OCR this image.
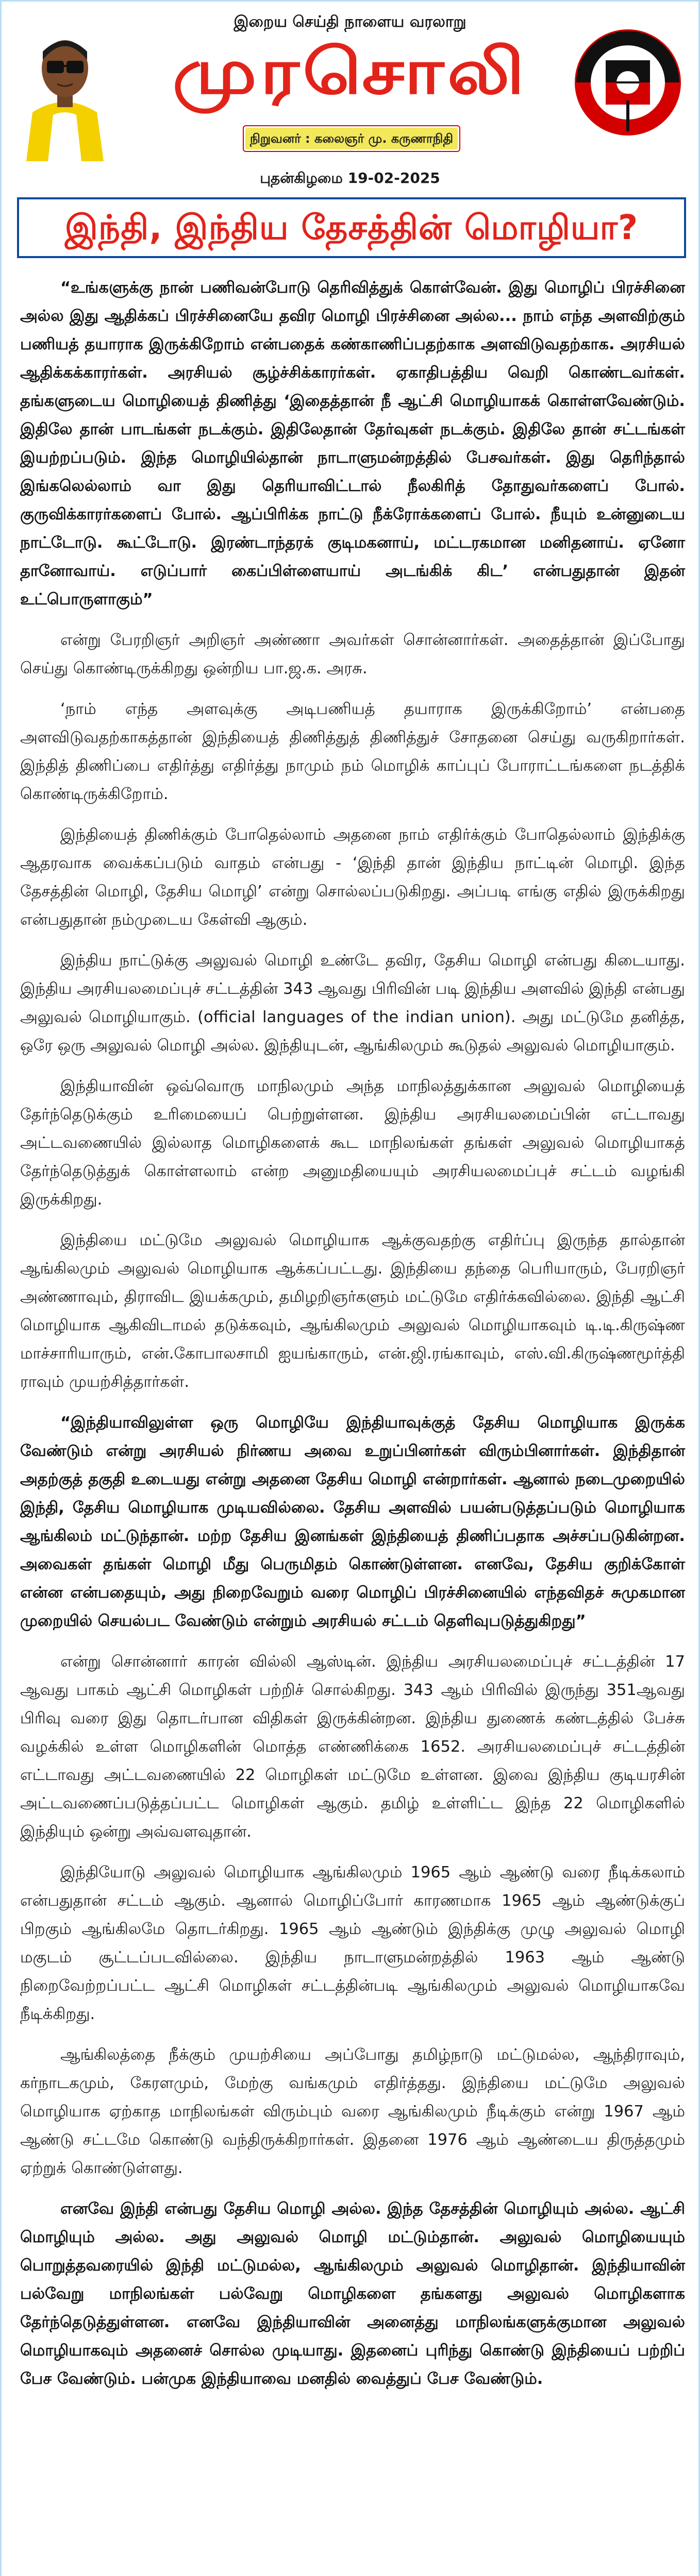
இறைய செய்தி நாளைய வரலாறு
முரசொலி
நிறுவனர் : கலைஞர் மு. கருணாநிதி
புதன்கிழமை 19-02-2025
இந்தி, இந்திய தேசத்தின் மொழியா?

“உங்களுக்கு நான் பணிவன்போடு தெரிவித்துக் கொள்வேன். இது மொழிப் பிரச்சினை அல்ல இது ஆதிக்கப் பிரச்சினையே தவிர மொழி பிரச்சினை அல்ல... நாம் எந்த அளவிற்கும் பணியத் தயாராக இருக்கிறோம் என்பதைக் கண்காணிப்பதற்காக அளவிடுவதற்காக. அரசியல் ஆதிக்கக்காரர்கள். அரசியல் சூழ்ச்சிக்காரர்கள். ஏகாதிபத்திய வெறி கொண்டவர்கள். தங்களுடைய மொழியைத் திணித்து ‘இதைத்தான் நீ ஆட்சி மொழியாகக் கொள்ளவேண்டும். இதிலே தான் பாடங்கள் நடக்கும். இதிலேதான் தேர்வுகள் நடக்கும். இதிலே தான் சட்டங்கள் இயற்றப்படும். இந்த மொழியில்தான் நாடாளுமன்றத்தில் பேசவர்கள். இது தெரிந்தால் இங்கலெல்லாம் வா இது தெரியாவிட்டால் நீலகிரித் தோதுவர்களைப் போல். குருவிக்காரர்களைப் போல். ஆப்பிரிக்க நாட்டு நீக்ரோக்களைப் போல். நீயும் உன்னுடைய நாட்டோடு. கூட்டோடு. இரண்டாந்தரக் குடிமகனாய், மட்டரகமான மனிதனாய். ஏனோ தானோவாய். எடுப்பார் கைப்பிள்ளையாய் அடங்கிக் கிட’ என்பதுதான் இதன் உட்பொருளாகும்”

என்று பேரறிஞர் அறிஞர் அண்ணா அவர்கள் சொன்னார்கள். அதைத்தான் இப்போது செய்து கொண்டிருக்கிறது ஒன்றிய பா.ஜ.க. அரசு.

‘நாம் எந்த அளவுக்கு அடிபணியத் தயாராக இருக்கிறோம்’ என்பதை அளவிடுவதற்காகத்தான் இந்தியைத் திணித்துத் திணித்துச் சோதனை செய்து வருகிறார்கள். இந்தித் திணிப்பை எதிர்த்து எதிர்த்து நாமும் நம் மொழிக் காப்புப் போராட்டங்களை நடத்திக் கொண்டிருக்கிறோம்.

இந்தியைத் திணிக்கும் போதெல்லாம் அதனை நாம் எதிர்க்கும் போதெல்லாம் இந்திக்கு ஆதரவாக வைக்கப்படும் வாதம் என்பது - ‘இந்தி தான் இந்திய நாட்டின் மொழி. இந்த தேசத்தின் மொழி, தேசிய மொழி’ என்று சொல்லப்படுகிறது. அப்படி எங்கு எதில் இருக்கிறது என்பதுதான் நம்முடைய கேள்வி ஆகும்.

இந்திய நாட்டுக்கு அலுவல் மொழி உண்டே தவிர, தேசிய மொழி என்பது கிடையாது. இந்திய அரசியலமைப்புச் சட்டத்தின் 343 ஆவது பிரிவின் படி இந்திய அளவில் இந்தி என்பது அலுவல் மொழியாகும். (official languages of the indian union). அது மட்டுமே தனித்த, ஒரே ஒரு அலுவல் மொழி அல்ல. இந்தியுடன், ஆங்கிலமும் கூடுதல் அலுவல் மொழியாகும்.

இந்தியாவின் ஒவ்வொரு மாநிலமும் அந்த மாநிலத்துக்கான அலுவல் மொழியைத் தேர்ந்தெடுக்கும் உரிமையைப் பெற்றுள்ளன. இந்திய அரசியலமைப்பின் எட்டாவது அட்டவணையில் இல்லாத மொழிகளைக் கூட மாநிலங்கள் தங்கள் அலுவல் மொழியாகத் தேர்ந்தெடுத்துக் கொள்ளலாம் என்ற அனுமதியையும் அரசியலமைப்புச் சட்டம் வழங்கி இருக்கிறது.

இந்தியை மட்டுமே அலுவல் மொழியாக ஆக்குவதற்கு எதிர்ப்பு இருந்த தால்தான் ஆங்கிலமும் அலுவல் மொழியாக ஆக்கப்பட்டது. இந்தியை தந்தை பெரியாரும், பேரறிஞர் அண்ணாவும், திராவிட இயக்கமும், தமிழறிஞர்களும் மட்டுமே எதிர்க்கவில்லை. இந்தி ஆட்சி மொழியாக ஆகிவிடாமல் தடுக்கவும், ஆங்கிலமும் அலுவல் மொழியாகவும் டி.டி.கிருஷ்ண மாச்சாரியாரும், என்.கோபாலசாமி ஐயங்காரும், என்.ஜி.ரங்காவும், எஸ்.வி.கிருஷ்ணமூர்த்தி ராவும் முயற்சித்தார்கள்.

“இந்தியாவிலுள்ள ஒரு மொழியே இந்தியாவுக்குத் தேசிய மொழியாக இருக்க வேண்டும் என்று அரசியல் நிர்ணய அவை உறுப்பினர்கள் விரும்பினார்கள். இந்திதான் அதற்குத் தகுதி உடையது என்று அதனை தேசிய மொழி என்றார்கள். ஆனால் நடைமுறையில் இந்தி, தேசிய மொழியாக முடியவில்லை. தேசிய அளவில் பயன்படுத்தப்படும் மொழியாக ஆங்கிலம் மட்டுந்தான். மற்ற தேசிய இனங்கள் இந்தியைத் திணிப்பதாக அச்சப்படுகின்றன. அவைகள் தங்கள் மொழி மீது பெருமிதம் கொண்டுள்ளன. எனவே, தேசிய குறிக்கோள் என்ன என்பதையும், அது நிறைவேறும் வரை மொழிப் பிரச்சினையில் எந்தவிதச் சுமுகமான முறையில் செயல்பட வேண்டும் என்றும் அரசியல் சட்டம் தெளிவுபடுத்துகிறது”

என்று சொன்னார் காரன் வில்லி ஆஸ்டின். இந்திய அரசியலமைப்புச் சட்டத்தின் 17 ஆவது பாகம் ஆட்சி மொழிகள் பற்றிச் சொல்கிறது. 343 ஆம் பிரிவில் இருந்து 351ஆவது பிரிவு வரை இது தொடர்பான விதிகள் இருக்கின்றன. இந்திய துணைக் கண்டத்தில் பேச்சு வழக்கில் உள்ள மொழிகளின் மொத்த எண்ணிக்கை 1652. அரசியலமைப்புச் சட்டத்தின் எட்டாவது அட்டவணையில் 22 மொழிகள் மட்டுமே உள்ளன. இவை இந்திய குடியரசின் அட்டவணைப்படுத்தப்பட்ட மொழிகள் ஆகும். தமிழ் உள்ளிட்ட இந்த 22 மொழிகளில் இந்தியும் ஒன்று அவ்வளவுதான்.

இந்தியோடு அலுவல் மொழியாக ஆங்கிலமும் 1965 ஆம் ஆண்டு வரை நீடிக்கலாம் என்பதுதான் சட்டம் ஆகும். ஆனால் மொழிப்போர் காரணமாக 1965 ஆம் ஆண்டுக்குப் பிறகும் ஆங்கிலமே தொடர்கிறது. 1965 ஆம் ஆண்டும் இந்திக்கு முழு அலுவல் மொழி மகுடம் சூட்டப்படவில்லை. இந்திய நாடாளுமன்றத்தில் 1963 ஆம் ஆண்டு நிறைவேற்றப்பட்ட ஆட்சி மொழிகள் சட்டத்தின்படி ஆங்கிலமும் அலுவல் மொழியாகவே நீடிக்கிறது.

ஆங்கிலத்தை நீக்கும் முயற்சியை அப்போது தமிழ்நாடு மட்டுமல்ல, ஆந்திராவும், கர்நாடகமும், கேரளமும், மேற்கு வங்கமும் எதிர்த்தது. இந்தியை மட்டுமே அலுவல் மொழியாக ஏற்காத மாநிலங்கள் விரும்பும் வரை ஆங்கிலமும் நீடிக்கும் என்று 1967 ஆம் ஆண்டு சட்டமே கொண்டு வந்திருக்கிறார்கள். இதனை 1976 ஆம் ஆண்டைய திருத்தமும் ஏற்றுக் கொண்டுள்ளது.

எனவே இந்தி என்பது தேசிய மொழி அல்ல. இந்த தேசத்தின் மொழியும் அல்ல. ஆட்சி மொழியும் அல்ல. அது அலுவல் மொழி மட்டும்தான். அலுவல் மொழியையும் பொறுத்தவரையில் இந்தி மட்டுமல்ல, ஆங்கிலமும் அலுவல் மொழிதான். இந்தியாவின் பல்வேறு மாநிலங்கள் பல்வேறு மொழிகளை தங்களது அலுவல் மொழிகளாக தேர்ந்தெடுத்துள்ளன. எனவே இந்தியாவின் அனைத்து மாநிலங்களுக்குமான அலுவல் மொழியாகவும் அதனைச் சொல்ல முடியாது. இதனைப் புரிந்து கொண்டு இந்தியைப் பற்றிப் பேச வேண்டும். பன்முக இந்தியாவை மனதில் வைத்துப் பேச வேண்டும்.
